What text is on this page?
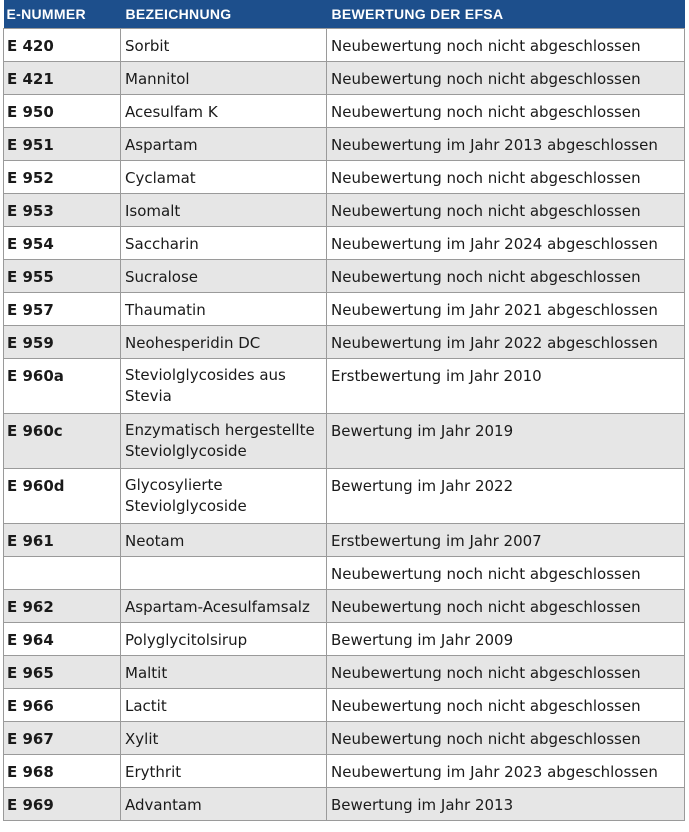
E-NUMMER	BEZEICHNUNG	BEWERTUNG DER EFSA
E 420	Sorbit	Neubewertung noch nicht abgeschlossen
E 421	Mannitol	Neubewertung noch nicht abgeschlossen
E 950	Acesulfam K	Neubewertung noch nicht abgeschlossen
E 951	Aspartam	Neubewertung im Jahr 2013 abgeschlossen
E 952	Cyclamat	Neubewertung noch nicht abgeschlossen
E 953	Isomalt	Neubewertung noch nicht abgeschlossen
E 954	Saccharin	Neubewertung im Jahr 2024 abgeschlossen
E 955	Sucralose	Neubewertung noch nicht abgeschlossen
E 957	Thaumatin	Neubewertung im Jahr 2021 abgeschlossen
E 959	Neohesperidin DC	Neubewertung im Jahr 2022 abgeschlossen
E 960a	Steviolglycosides aus Stevia	Erstbewertung im Jahr 2010
E 960c	Enzymatisch hergestellte Steviolglycoside	Bewertung im Jahr 2019
E 960d	Glycosylierte Steviolglycoside	Bewertung im Jahr 2022
E 961	Neotam	Erstbewertung im Jahr 2007
		Neubewertung noch nicht abgeschlossen
E 962	Aspartam-Acesulfamsalz	Neubewertung noch nicht abgeschlossen
E 964	Polyglycitolsirup	Bewertung im Jahr 2009
E 965	Maltit	Neubewertung noch nicht abgeschlossen
E 966	Lactit	Neubewertung noch nicht abgeschlossen
E 967	Xylit	Neubewertung noch nicht abgeschlossen
E 968	Erythrit	Neubewertung im Jahr 2023 abgeschlossen
E 969	Advantam	Bewertung im Jahr 2013
